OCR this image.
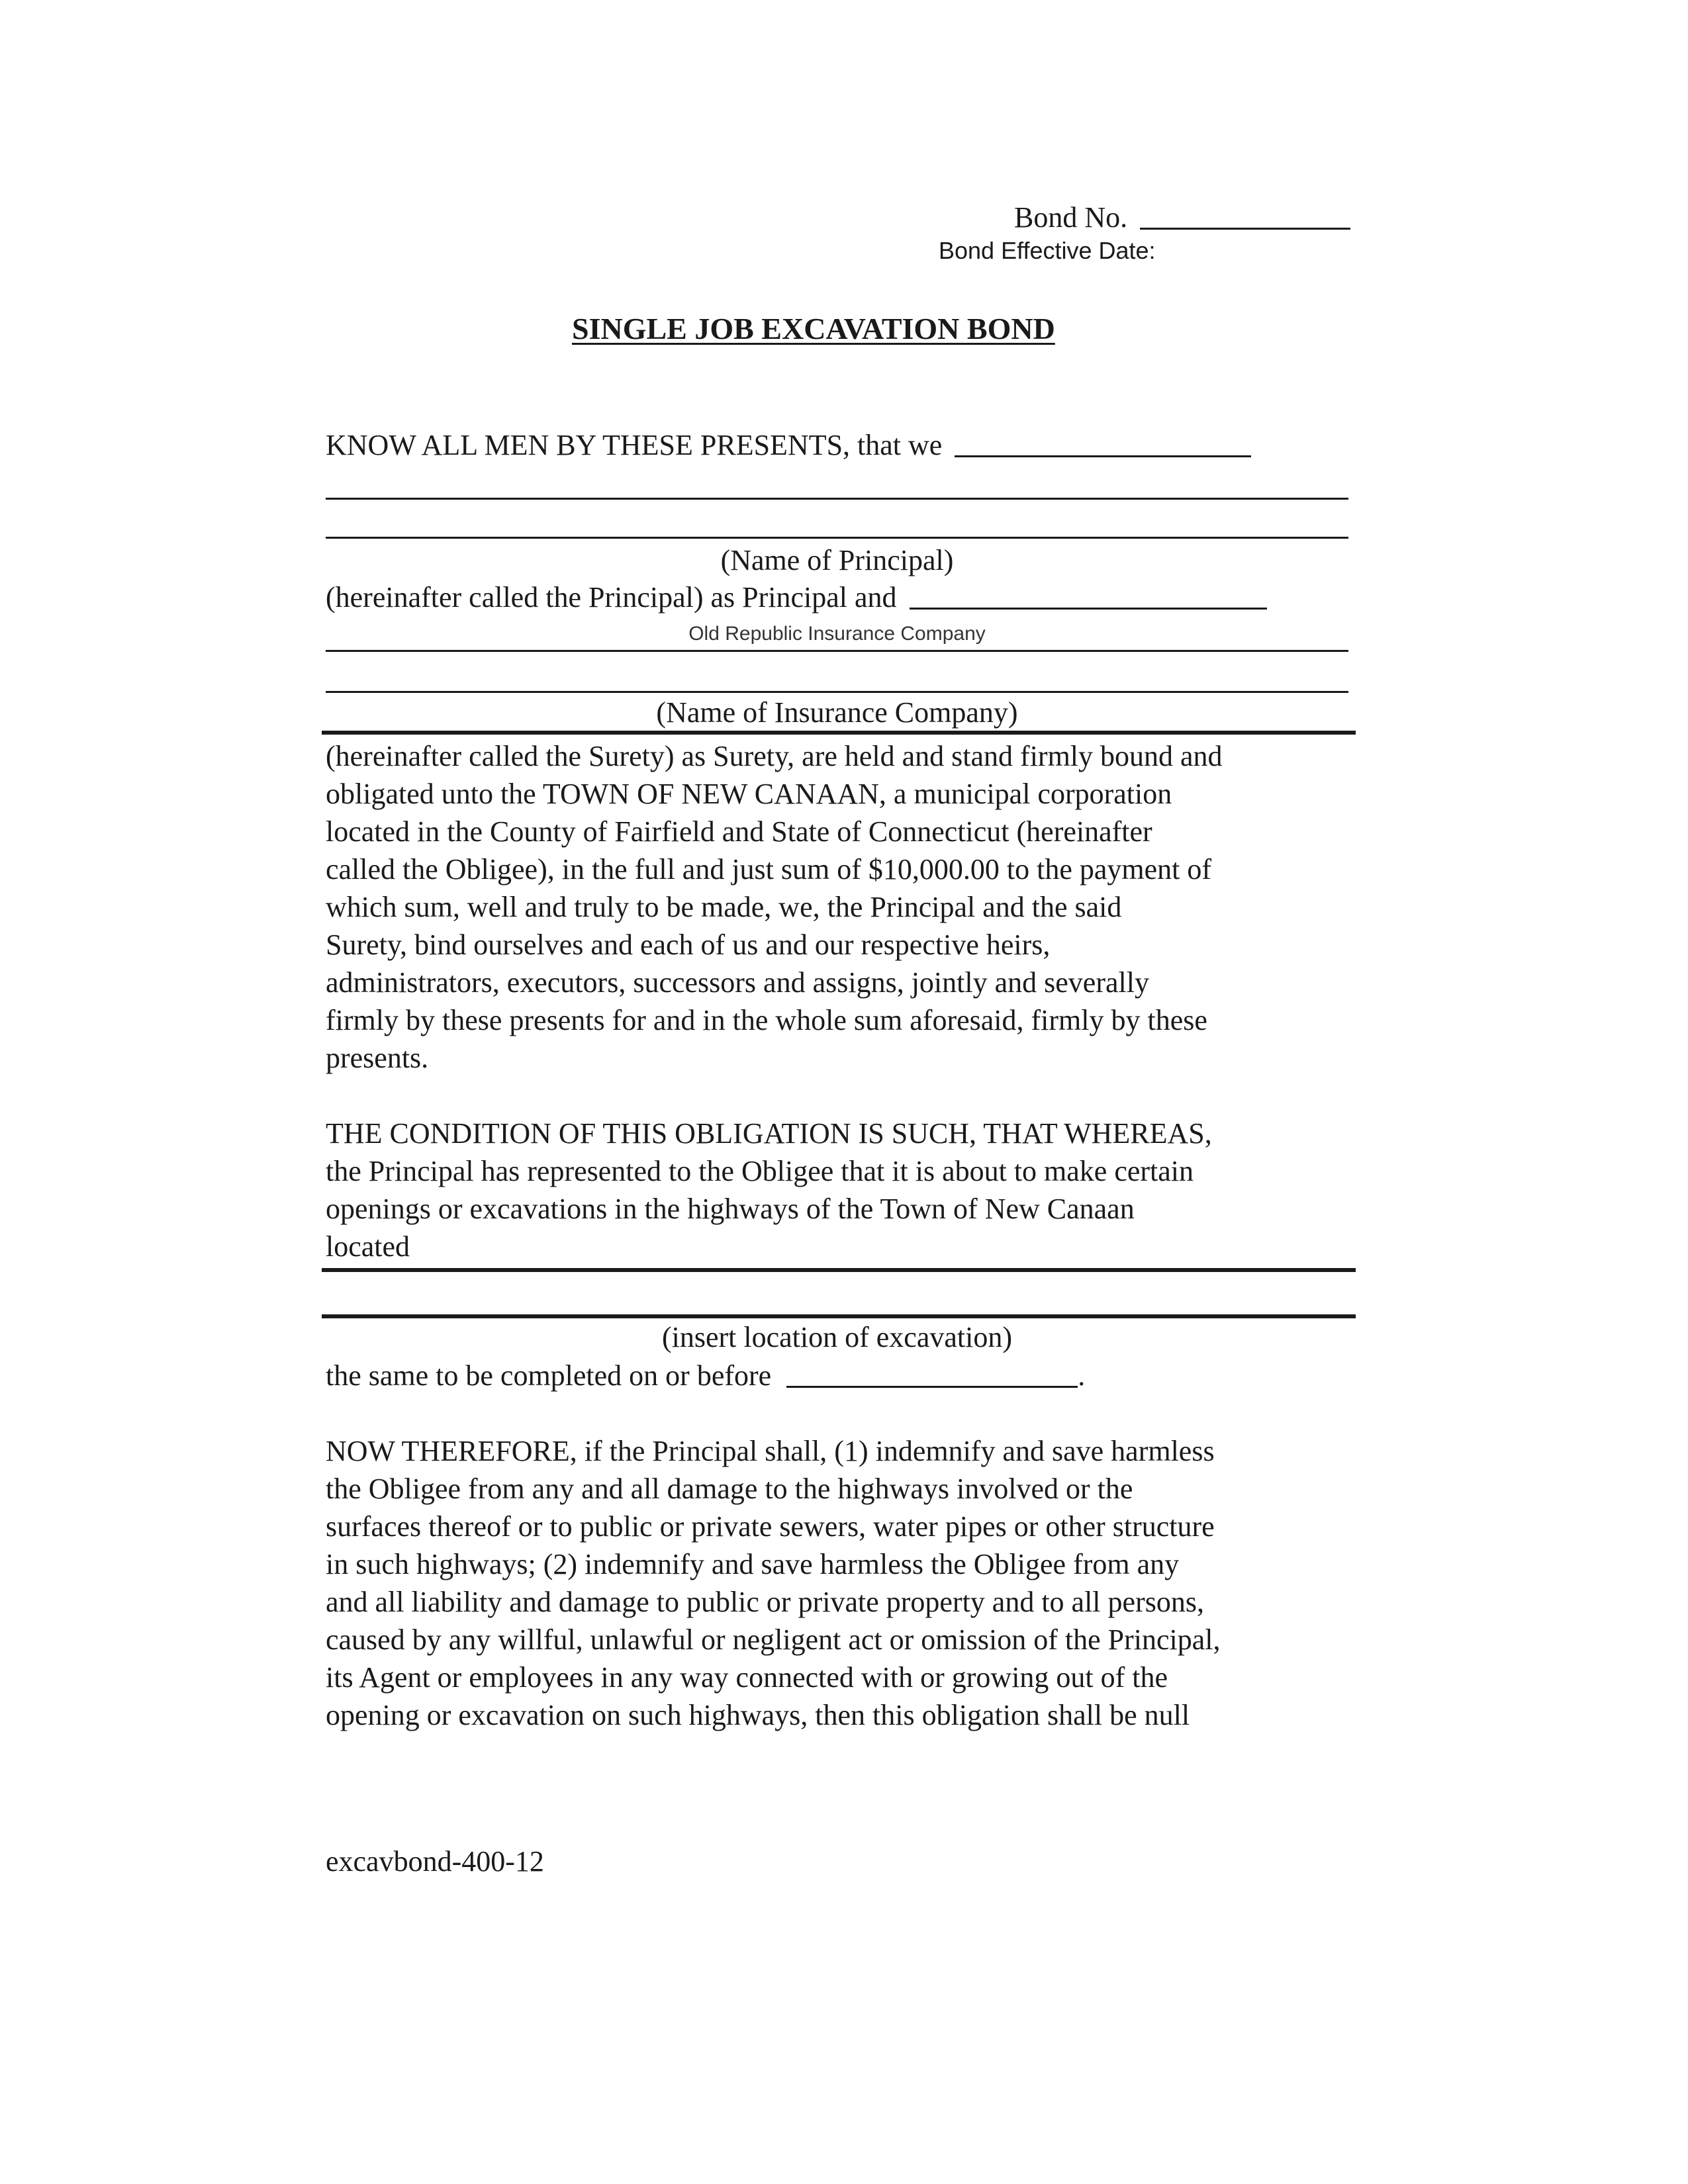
Bond No.
Bond Effective Date:
SINGLE JOB EXCAVATION BOND
KNOW ALL MEN BY THESE PRESENTS, that we
(Name of Principal)
(hereinafter called the Principal) as Principal and
Old Republic Insurance Company
(Name of Insurance Company)
(hereinafter called the Surety) as Surety, are held and stand firmly bound and
obligated unto the TOWN OF NEW CANAAN, a municipal corporation
located in the County of Fairfield and State of Connecticut (hereinafter
called the Obligee), in the full and just sum of $10,000.00 to the payment of
which sum, well and truly to be made, we, the Principal and the said
Surety, bind ourselves and each of us and our respective heirs,
administrators, executors, successors and assigns, jointly and severally
firmly by these presents for and in the whole sum aforesaid, firmly by these
presents.
THE CONDITION OF THIS OBLIGATION IS SUCH, THAT WHEREAS,
the Principal has represented to the Obligee that it is about to make certain
openings or excavations in the highways of the Town of New Canaan
located
(insert location of excavation)
the same to be completed on or before	.
NOW THEREFORE, if the Principal shall, (1) indemnify and save harmless
the Obligee from any and all damage to the highways involved or the
surfaces thereof or to public or private sewers, water pipes or other structure
in such highways; (2) indemnify and save harmless the Obligee from any
and all liability and damage to public or private property and to all persons,
caused by any willful, unlawful or negligent act or omission of the Principal,
its Agent or employees in any way connected with or growing out of the
opening or excavation on such highways, then this obligation shall be null
excavbond-400-12
